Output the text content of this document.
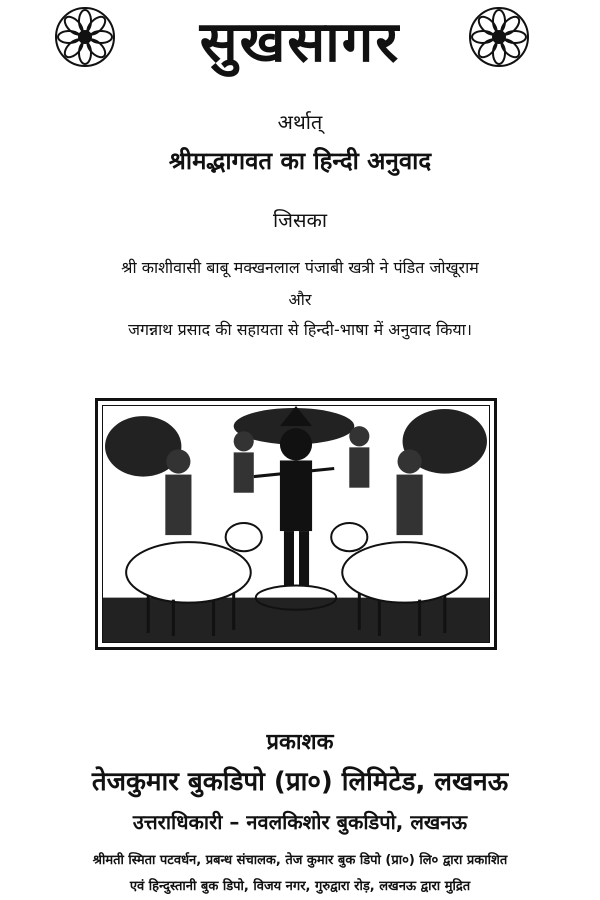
सुखसागर
अर्थात्
श्रीमद्भागवत का हिन्दी अनुवाद
जिसका
श्री काशीवासी बाबू मक्खनलाल पंजाबी खत्री ने पंडित जोखूराम
और
जगन्नाथ प्रसाद की सहायता से हिन्दी-भाषा में अनुवाद किया।
प्रकाशक
तेजकुमार बुकडिपो (प्रा०) लिमिटेड, लखनऊ
उत्तराधिकारी – नवलकिशोर बुकडिपो, लखनऊ
श्रीमती स्मिता पटवर्धन, प्रबन्ध संचालक, तेज कुमार बुक डिपो (प्रा०) लि० द्वारा प्रकाशित
एवं हिन्दुस्तानी बुक डिपो, विजय नगर, गुरुद्वारा रोड़, लखनऊ द्वारा मुद्रित
